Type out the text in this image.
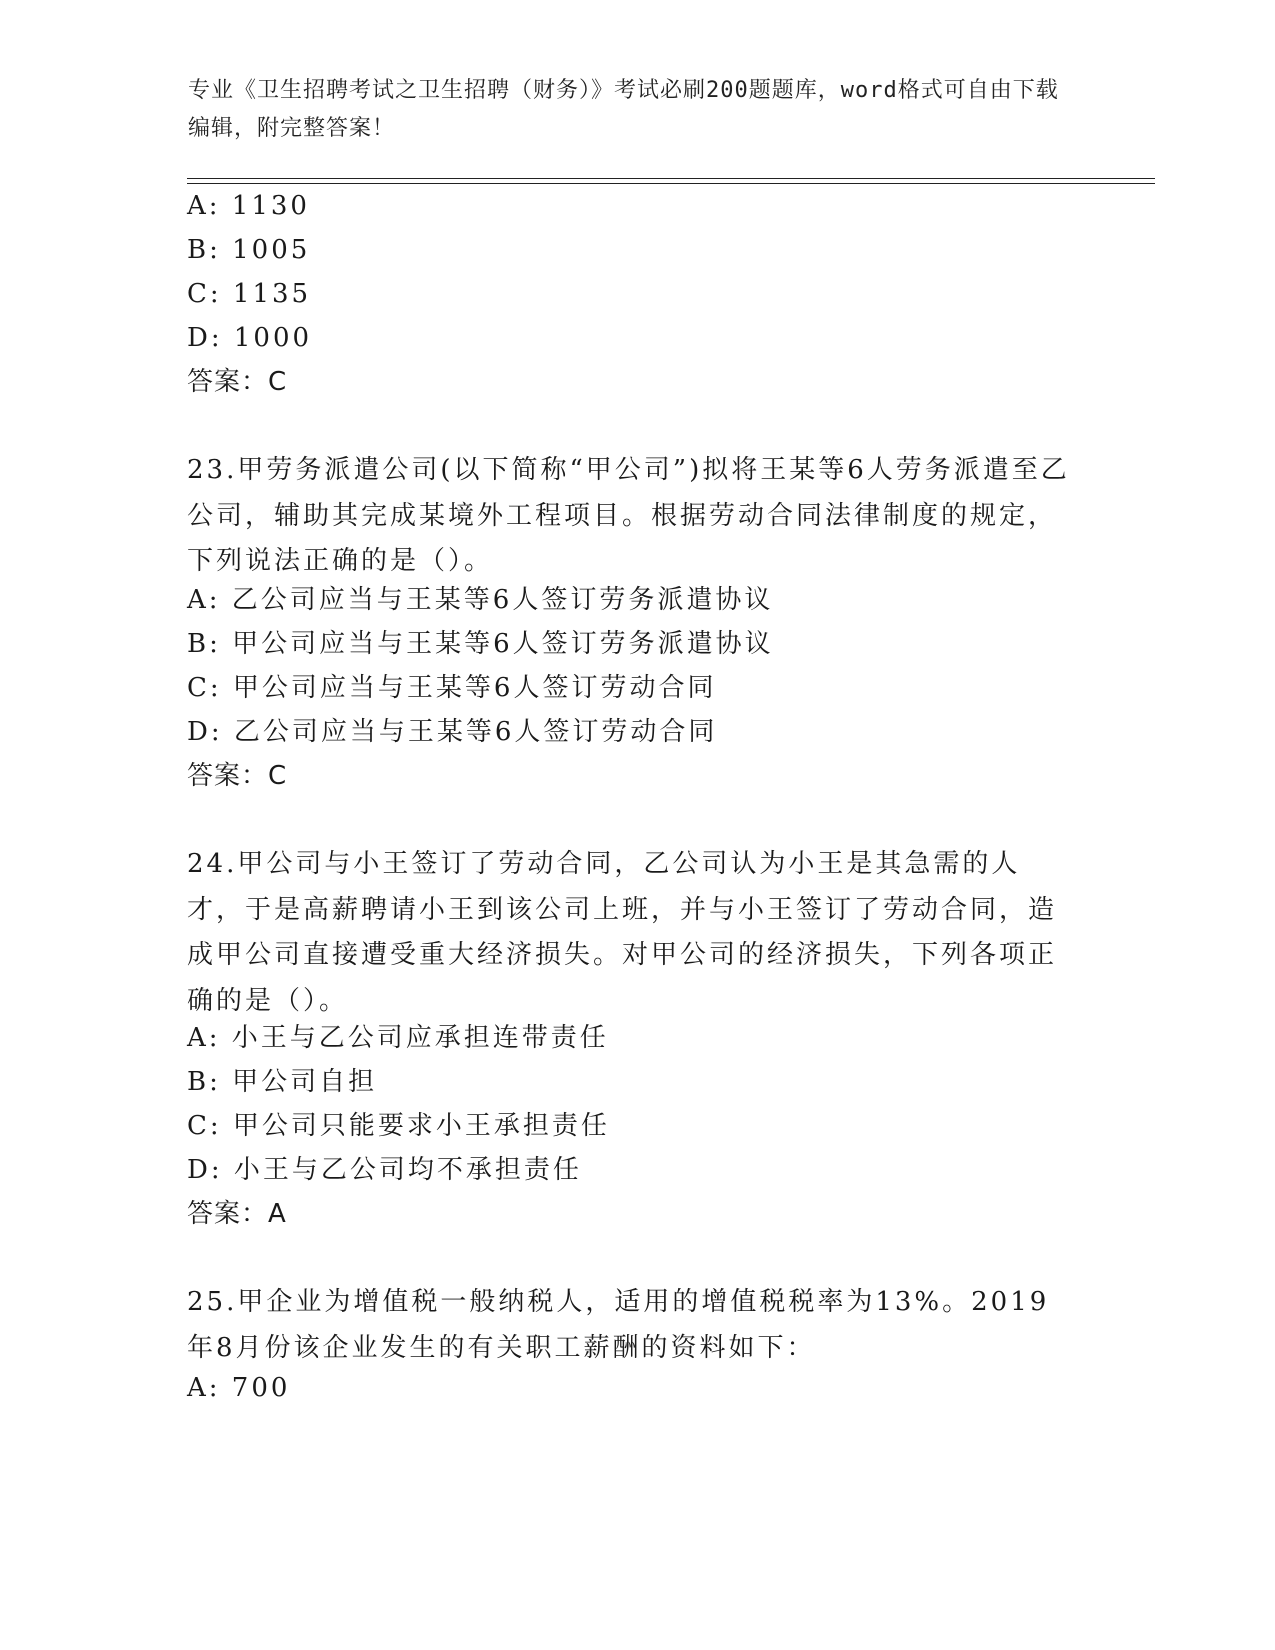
专业《卫生招聘考试之卫生招聘（财务）》考试必刷200题题库，word格式可自由下载编辑，附完整答案！
A: 1130
B: 1005
C: 1135
D: 1000
答案：C
23.甲劳务派遣公司(以下简称“甲公司”)拟将王某等6人劳务派遣至乙公司，辅助其完成某境外工程项目。根据劳动合同法律制度的规定，下列说法正确的是（）。
A: 乙公司应当与王某等6人签订劳务派遣协议
B: 甲公司应当与王某等6人签订劳务派遣协议
C: 甲公司应当与王某等6人签订劳动合同
D: 乙公司应当与王某等6人签订劳动合同
答案：C
24.甲公司与小王签订了劳动合同，乙公司认为小王是其急需的人才，于是高薪聘请小王到该公司上班，并与小王签订了劳动合同，造成甲公司直接遭受重大经济损失。对甲公司的经济损失，下列各项正确的是（）。
A: 小王与乙公司应承担连带责任
B: 甲公司自担
C: 甲公司只能要求小王承担责任
D: 小王与乙公司均不承担责任
答案：A
25.甲企业为增值税一般纳税人，适用的增值税税率为13%。2019年8月份该企业发生的有关职工薪酬的资料如下：
A: 700
